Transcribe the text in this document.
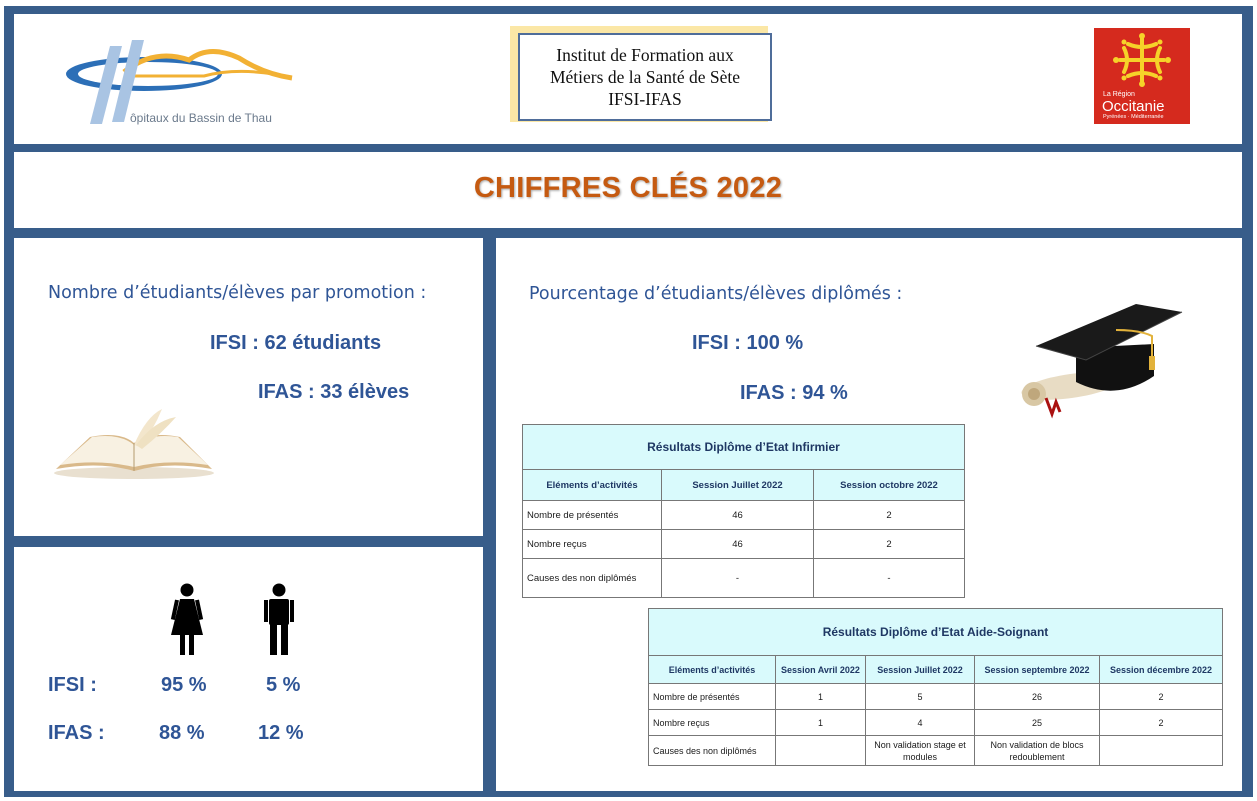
ôpitaux du Bassin de Thau
Institut de Formation aux
Métiers de la Santé de Sète
IFSI-IFAS	La Région
Occitanie
Pyrénées · Méditerranée
CHIFFRES CLÉS 2022
Nombre d’étudiants/élèves par promotion :
IFSI : 62 étudiants
IFAS : 33 élèves
IFSI :	95 %	5 %
IFAS :	88 %	12 %
Pourcentage d’étudiants/élèves diplômés :
IFSI : 100 %
IFAS : 94 %
Résultats Diplôme d’Etat Infirmier		
Eléments d’activités	Session Juillet 2022	Session octobre 2022
Nombre de présentés	46	2
Nombre reçus	46	2
Causes des non diplômés	-	-
Résultats Diplôme d’Etat Aide-Soignant				
Eléments d’activités	Session Avril 2022	Session Juillet 2022	Session septembre 2022	Session décembre 2022
Nombre de présentés	1	5	26	2
Nombre reçus	1	4	25	2
Causes des non diplômés		Non validation stage et modules	Non validation de blocs redoublement	
